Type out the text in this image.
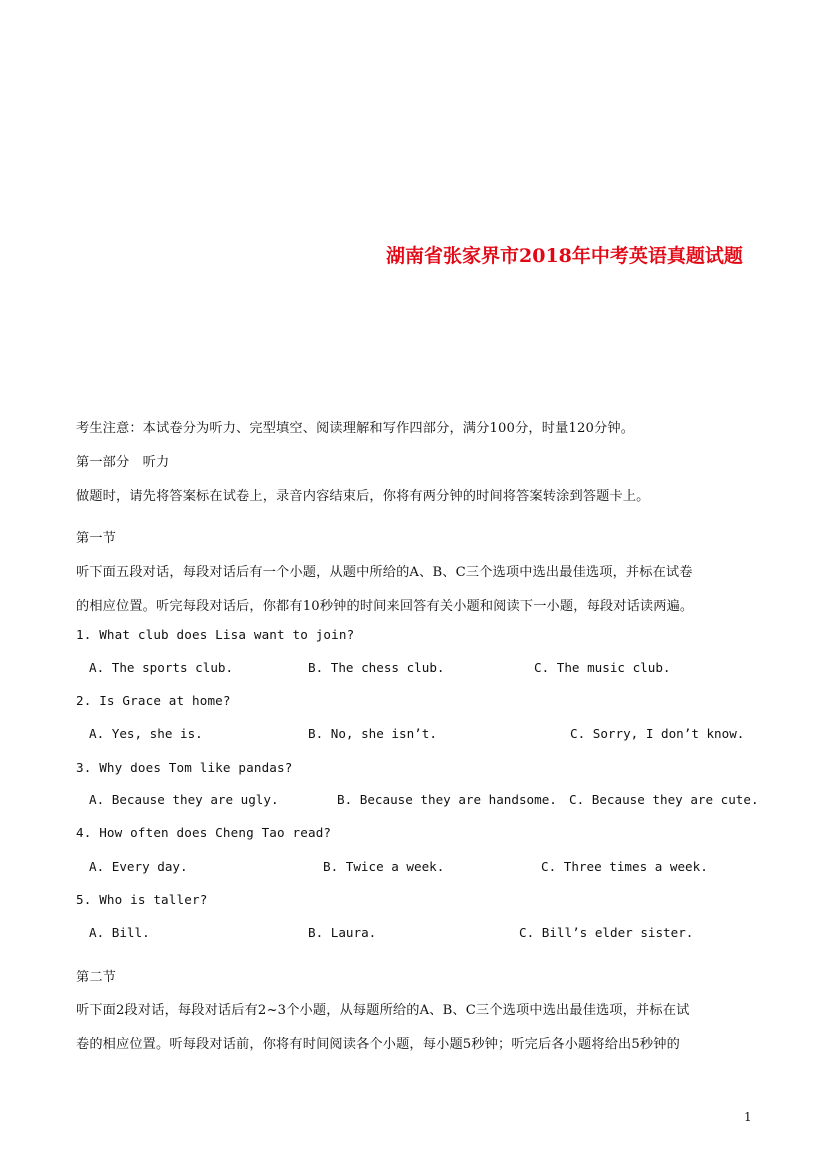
湖南省张家界市2018年中考英语真题试题
考生注意：本试卷分为听力、完型填空、阅读理解和写作四部分，满分100分，时量120分钟。
第一部分　听力
做题时，请先将答案标在试卷上，录音内容结束后，你将有两分钟的时间将答案转涂到答题卡上。
第一节
听下面五段对话，每段对话后有一个小题，从题中所给的A、B、C三个选项中选出最佳选项，并标在试卷
的相应位置。听完每段对话后，你都有10秒钟的时间来回答有关小题和阅读下一小题，每段对话读两遍。
1. What club does Lisa want to join?
A. The sports club.	B. The chess club.	C. The music club.
2. Is Grace at home?
A. Yes, she is.	B. No, she isn’t.	C. Sorry, I don’t know.
3. Why does Tom like pandas?
A. Because they are ugly.	B. Because they are handsome. C. Because they are cute.
4. How often does Cheng Tao read?
A. Every day.	B. Twice a week.	C. Three times a week.
5. Who is taller?
A. Bill.	B. Laura.	C. Bill’s elder sister.
第二节
听下面2段对话，每段对话后有2~3个小题，从每题所给的A、B、C三个选项中选出最佳选项，并标在试
卷的相应位置。听每段对话前，你将有时间阅读各个小题，每小题5秒钟；听完后各小题将给出5秒钟的
1
